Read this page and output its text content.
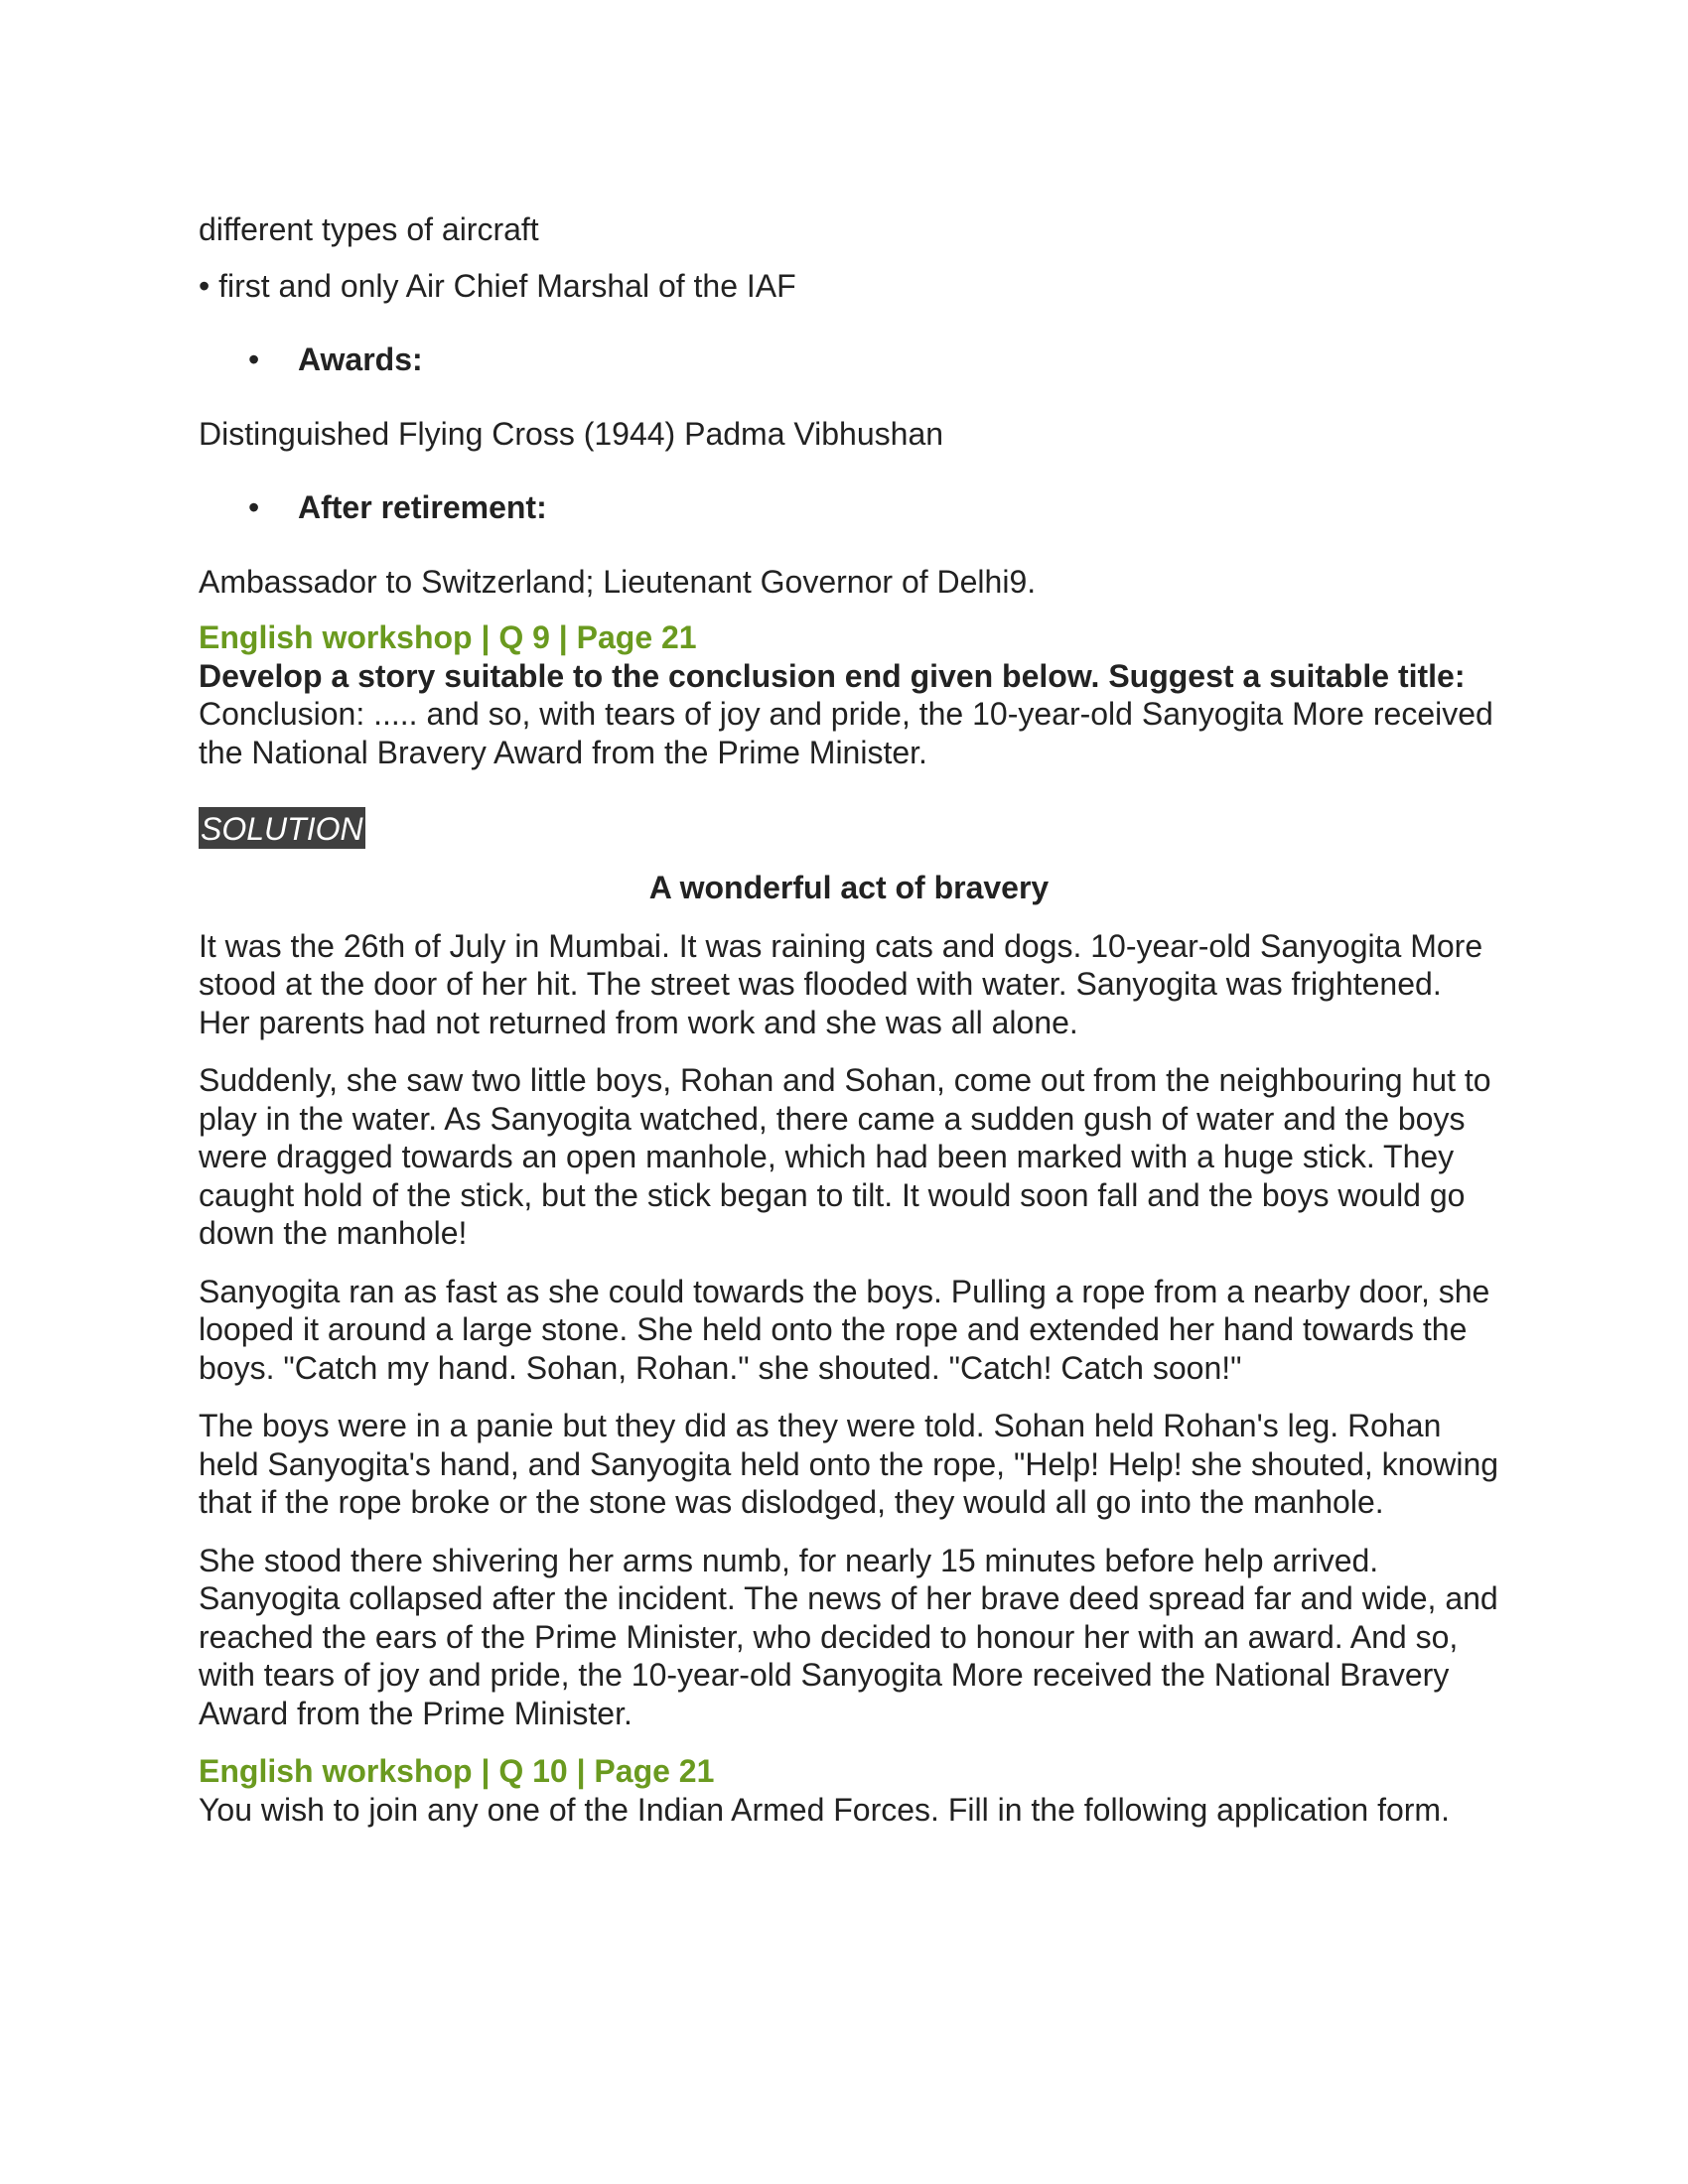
different types of aircraft

• first and only Air Chief Marshal of the IAF

•	Awards:

Distinguished Flying Cross (1944) Padma Vibhushan

•	After retirement:

Ambassador to Switzerland; Lieutenant Governor of Delhi9.

English workshop | Q 9 | Page 21

Develop a story suitable to the conclusion end given below. Suggest a suitable title:

Conclusion: ..... and so, with tears of joy and pride, the 10-year-old Sanyogita More received the National Bravery Award from the Prime Minister.

SOLUTION

A wonderful act of bravery

It was the 26th of July in Mumbai. It was raining cats and dogs. 10-year-old Sanyogita More stood at the door of her hit. The street was flooded with water. Sanyogita was frightened. Her parents had not returned from work and she was all alone.

Suddenly, she saw two little boys, Rohan and Sohan, come out from the neighbouring hut to play in the water. As Sanyogita watched, there came a sudden gush of water and the boys were dragged towards an open manhole, which had been marked with a huge stick. They caught hold of the stick, but the stick began to tilt. It would soon fall and the boys would go down the manhole!

Sanyogita ran as fast as she could towards the boys. Pulling a rope from a nearby door, she looped it around a large stone. She held onto the rope and extended her hand towards the boys. "Catch my hand. Sohan, Rohan." she shouted. "Catch! Catch soon!"

The boys were in a panie but they did as they were told. Sohan held Rohan's leg. Rohan held Sanyogita's hand, and Sanyogita held onto the rope, "Help! Help! she shouted, knowing that if the rope broke or the stone was dislodged, they would all go into the manhole.

She stood there shivering her arms numb, for nearly 15 minutes before help arrived. Sanyogita collapsed after the incident. The news of her brave deed spread far and wide, and reached the ears of the Prime Minister, who decided to honour her with an award. And so, with tears of joy and pride, the 10-year-old Sanyogita More received the National Bravery Award from the Prime Minister.

English workshop | Q 10 | Page 21

You wish to join any one of the Indian Armed Forces. Fill in the following application form.
